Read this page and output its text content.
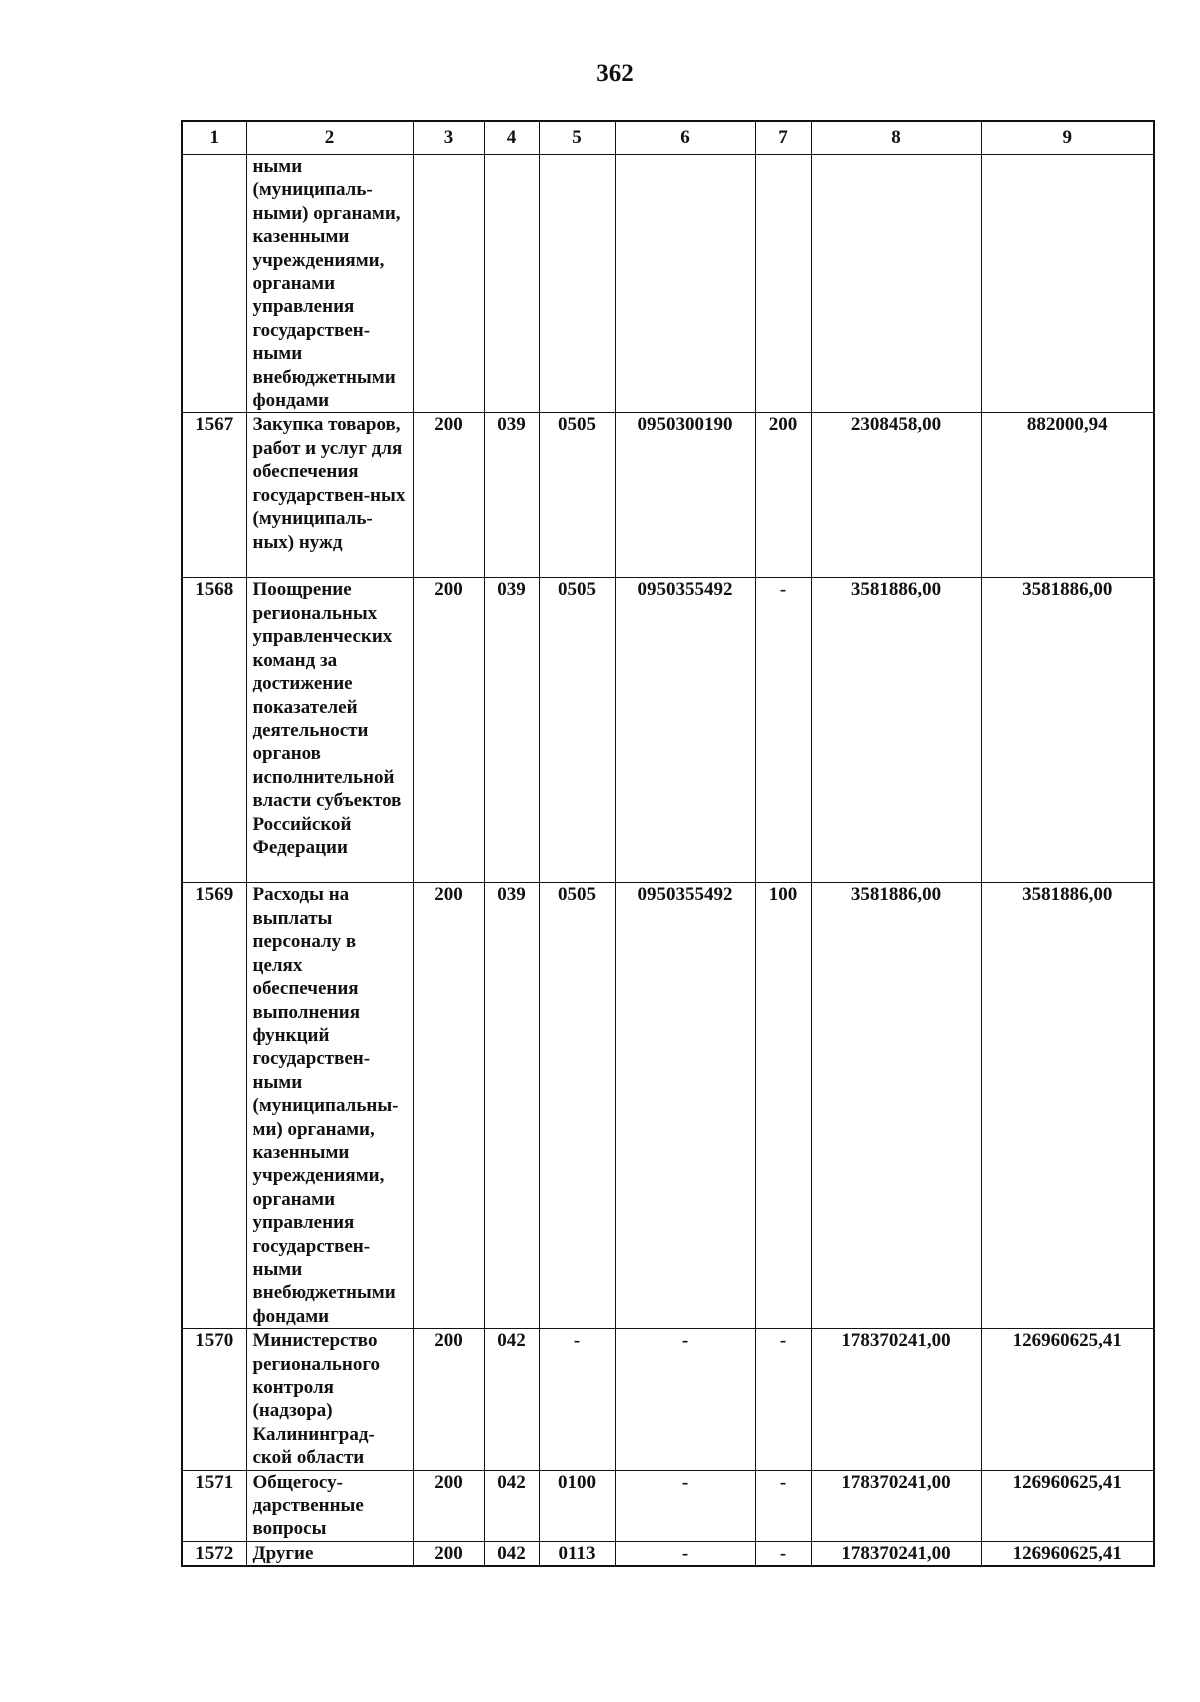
362
1	2	3	4	5	6	7	8	9
	ными (муниципаль-ными) органами, казенными учреждениями, органами управления государствен-ными внебюджетными фондами							
1567	Закупка товаров, работ и услуг для обеспечения государствен-ных (муниципаль-ных) нужд	200	039	0505	0950300190	200	2308458,00	882000,94
1568	Поощрение региональных управленческих команд за достижение показателей деятельности органов исполнительной власти субъектов Российской Федерации	200	039	0505	0950355492	-	3581886,00	3581886,00
1569	Расходы на выплаты персоналу в целях обеспечения выполнения функций государствен-ными (муниципальны-ми) органами, казенными учреждениями, органами управления государствен-ными внебюджетными фондами	200	039	0505	0950355492	100	3581886,00	3581886,00
1570	Министерство регионального контроля (надзора) Калининград-ской области	200	042	-	-	-	178370241,00	126960625,41
1571	Общегосу-дарственные вопросы	200	042	0100	-	-	178370241,00	126960625,41
1572	Другие	200	042	0113	-	-	178370241,00	126960625,41
